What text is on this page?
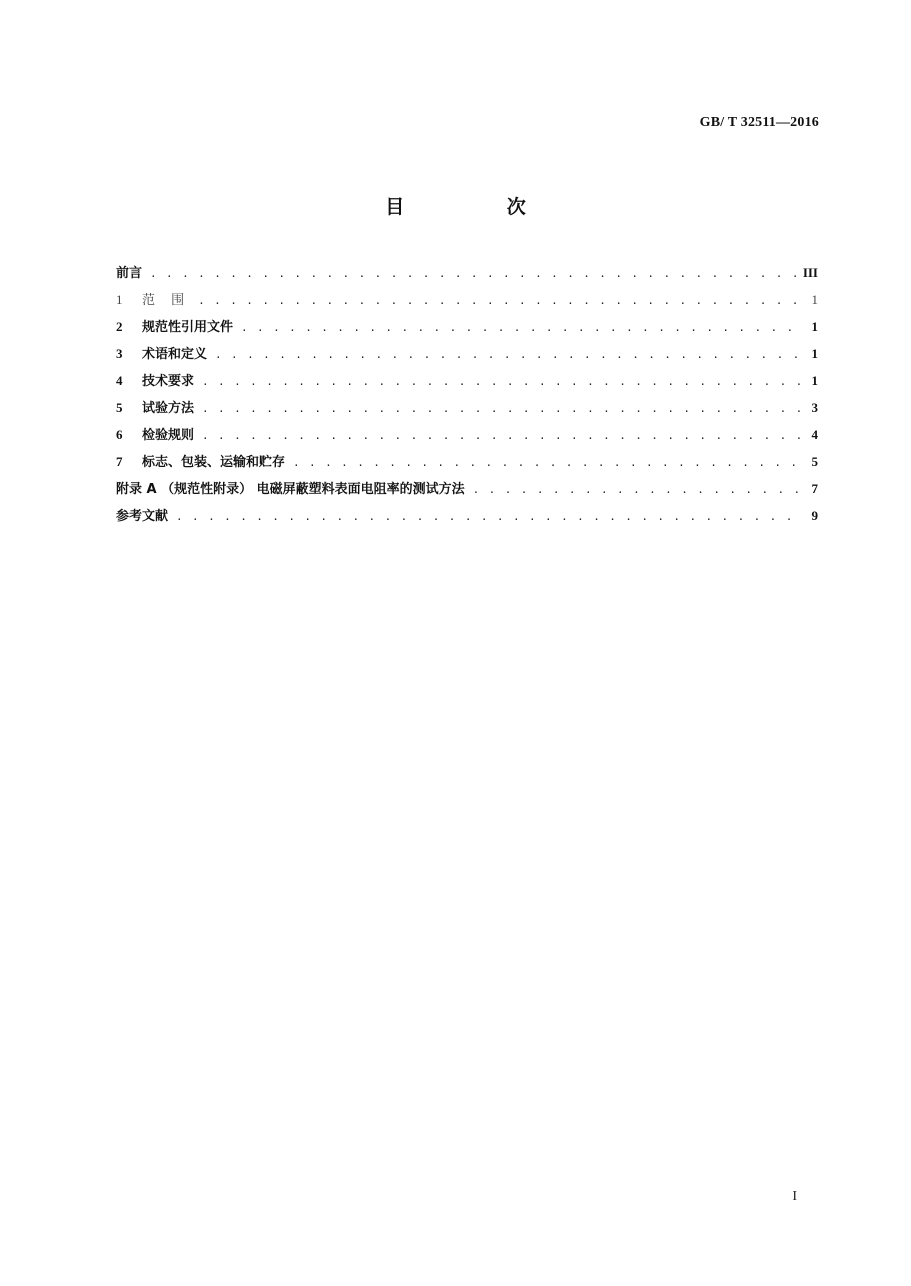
GB/ T 32511—2016
目 次
前言 . . .	III
1	范 围 . . .	1
2	规范性引用文件 . . .	1
3	术语和定义 . . .	1
4	技术要求 . . .	1
5	试验方法 . . .	3
6	检验规则 . . .	4
7	标志、包装、运输和贮存 . . .	5
附录 A （规范性附录） 电磁屏蔽塑料表面电阻率的测试方法 . . .	7
参考文献 . . .	9
I
